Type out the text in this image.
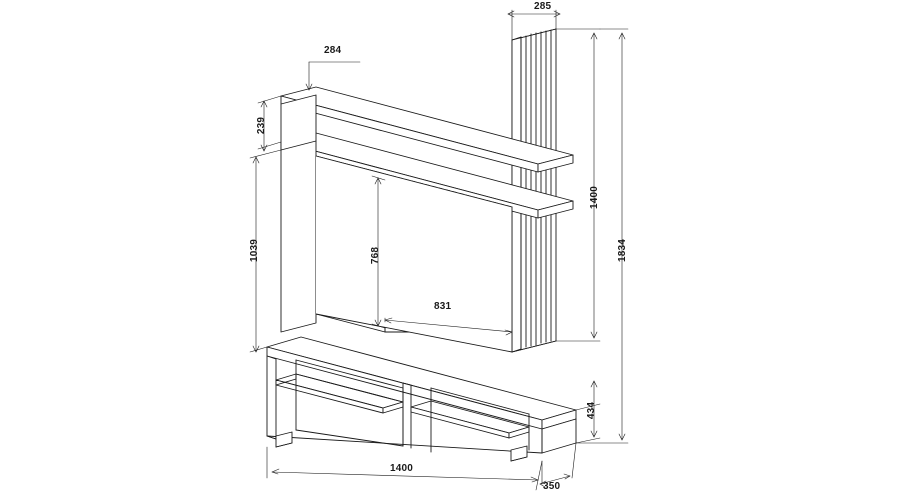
285
284
239
1039	768
831
1400
1834
434
1400
350
